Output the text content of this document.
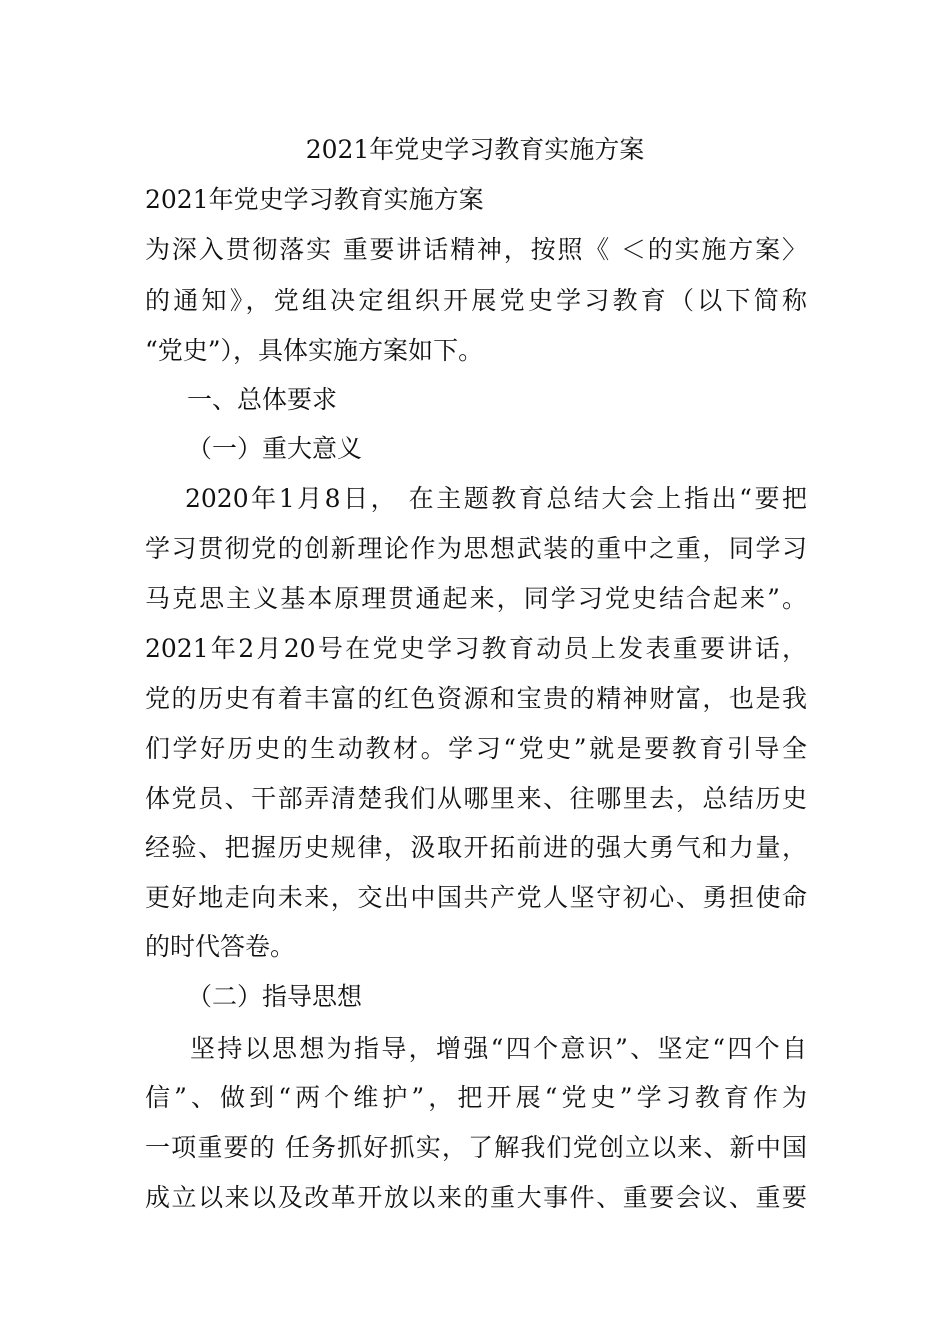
2021年党史学习教育实施方案
2021年党史学习教育实施方案
为深入贯彻落实 重要讲话精神，按照《 ＜的实施方案〉
的通知》，党组决定组织开展党史学习教育（以下简称
“党史”），具体实施方案如下。
一、总体要求
（一）重大意义
2020年1月8日， 在主题教育总结大会上指出“要把
学习贯彻党的创新理论作为思想武装的重中之重，同学习
马克思主义基本原理贯通起来，同学习党史结合起来”。
2021年2月20号在党史学习教育动员上发表重要讲话，
党的历史有着丰富的红色资源和宝贵的精神财富，也是我
们学好历史的生动教材。学习“党史”就是要教育引导全
体党员、干部弄清楚我们从哪里来、往哪里去，总结历史
经验、把握历史规律，汲取开拓前进的强大勇气和力量，
更好地走向未来，交出中国共产党人坚守初心、勇担使命
的时代答卷。
（二）指导思想
坚持以思想为指导，增强“四个意识”、坚定“四个自
信”、做到“两个维护”，把开展“党史”学习教育作为
一项重要的 任务抓好抓实，了解我们党创立以来、新中国
成立以来以及改革开放以来的重大事件、重要会议、重要
